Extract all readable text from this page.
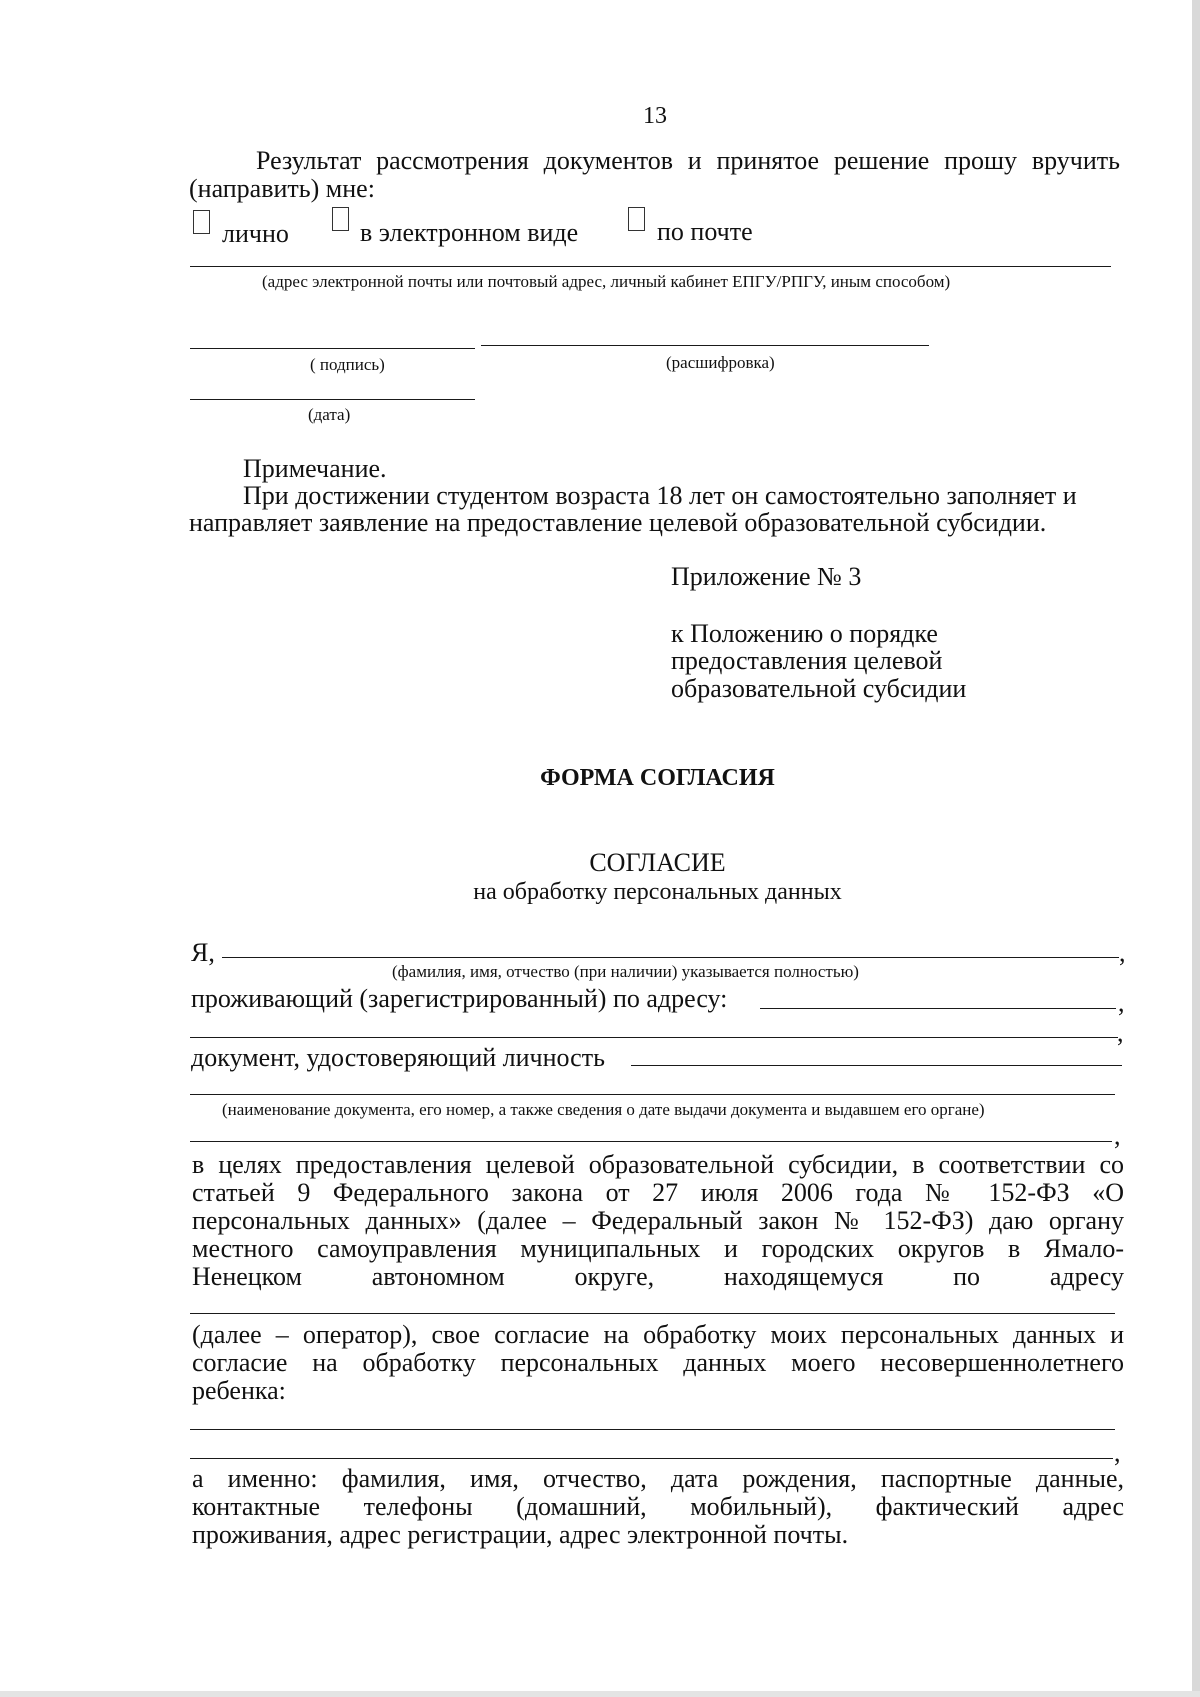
13
Результат рассмотрения документов и принятое решение прошу вручить
(направить) мне:
лично	в электронном виде	по почте
(адрес электронной почты или почтовый адрес, личный кабинет ЕПГУ/РПГУ, иным способом)
( подпись)	(расшифровка)
(дата)
Примечание.
При достижении студентом возраста 18 лет он самостоятельно заполняет и
направляет заявление на предоставление целевой образовательной субсидии.
Приложение № 3
к Положению о порядке
предоставления целевой
образовательной субсидии
ФОРМА СОГЛАСИЯ
СОГЛАСИЕ
на обработку персональных данных
Я,	,
(фамилия, имя, отчество (при наличии) указывается полностью)
проживающий (зарегистрированный) по адресу:	,
,
документ, удостоверяющий личность
(наименование документа, его номер, а также сведения о дате выдачи документа и выдавшем его органе)
,
в целях предоставления целевой образовательной субсидии, в соответствии со
статьей 9 Федерального закона от 27 июля 2006 года № 152-ФЗ «О
персональных данных» (далее – Федеральный закон № 152-ФЗ) даю органу
местного самоуправления муниципальных и городских округов в Ямало-
Ненецком автономном округе, находящемуся по адресу
(далее – оператор), свое согласие на обработку моих персональных данных и
согласие на обработку персональных данных моего несовершеннолетнего
ребенка:
,
а именно: фамилия, имя, отчество, дата рождения, паспортные данные,
контактные телефоны (домашний, мобильный), фактический адрес
проживания, адрес регистрации, адрес электронной почты.
